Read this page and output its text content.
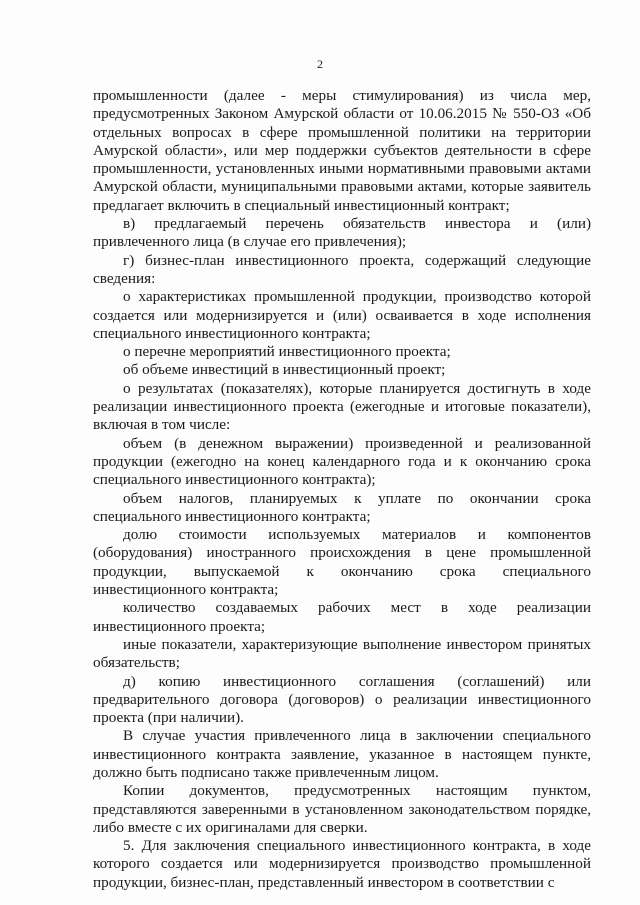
2

промышленности (далее - меры стимулирования) из числа мер, предусмотренных Законом Амурской области от 10.06.2015 № 550-ОЗ «Об отдельных вопросах в сфере промышленной политики на территории Амурской области», или мер поддержки субъектов деятельности в сфере промышленности, установленных иными нормативными правовыми актами Амурской области, муниципальными правовыми актами, которые заявитель предлагает включить в специальный инвестиционный контракт;

в) предлагаемый перечень обязательств инвестора и (или) привлеченного лица (в случае его привлечения);

г) бизнес-план инвестиционного проекта, содержащий следующие сведения:

о характеристиках промышленной продукции, производство которой создается или модернизируется и (или) осваивается в ходе исполнения специального инвестиционного контракта;

о перечне мероприятий инвестиционного проекта;

об объеме инвестиций в инвестиционный проект;

о результатах (показателях), которые планируется достигнуть в ходе реализации инвестиционного проекта (ежегодные и итоговые показатели), включая в том числе:

объем (в денежном выражении) произведенной и реализованной продукции (ежегодно на конец календарного года и к окончанию срока специального инвестиционного контракта);

объем налогов, планируемых к уплате по окончании срока специального инвестиционного контракта;

долю стоимости используемых материалов и компонентов (оборудования) иностранного происхождения в цене промышленной продукции, выпускаемой к окончанию срока специального инвестиционного контракта;

количество создаваемых рабочих мест в ходе реализации инвестиционного проекта;

иные показатели, характеризующие выполнение инвестором принятых обязательств;

д) копию инвестиционного соглашения (соглашений) или предварительного договора (договоров) о реализации инвестиционного проекта (при наличии).

В случае участия привлеченного лица в заключении специального инвестиционного контракта заявление, указанное в настоящем пункте, должно быть подписано также привлеченным лицом.

Копии документов, предусмотренных настоящим пунктом, представляются заверенными в установленном законодательством порядке, либо вместе с их оригиналами для сверки.

5. Для заключения специального инвестиционного контракта, в ходе которого создается или модернизируется производство промышленной продукции, бизнес-план, представленный инвестором в соответствии с
